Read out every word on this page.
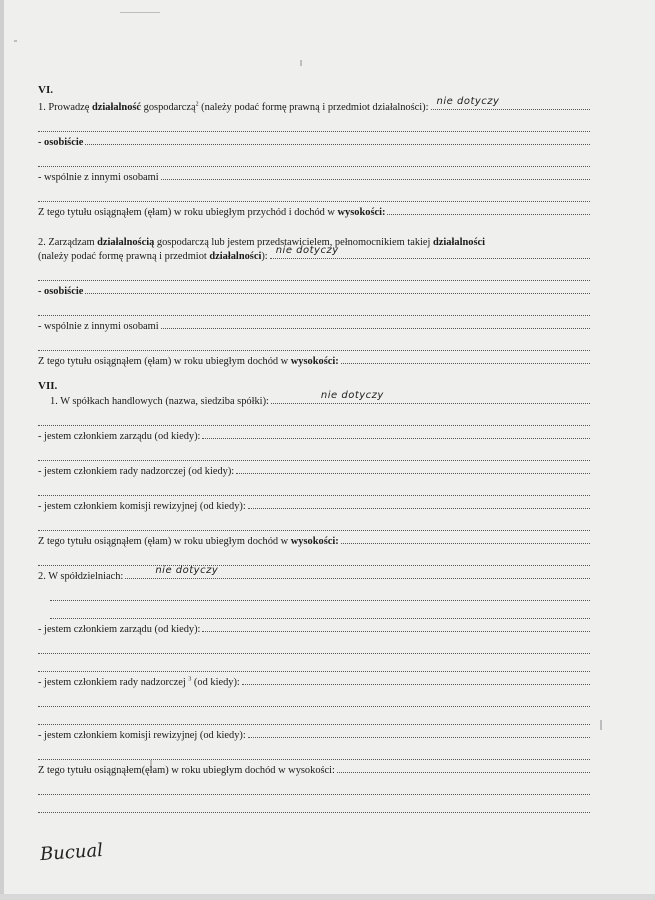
VI.

1. Prowadzę działalność gospodarczą$^2$ (należy podać formę prawną i przedmiot działalności):
nie dotyczy
- osobiście
- wspólnie z innymi osobami
Z tego tytułu osiągnąłem (ęłam) w roku ubiegłym przychód i dochód w wysokości:
2. Zarządzam działalnością gospodarczą lub jestem przedstawicielem, pełnomocnikiem takiej działalności
(należy podać formę prawną i przedmiot działalności):
nie dotyczy
- osobiście
- wspólnie z innymi osobami
Z tego tytułu osiągnąłem (ęłam) w roku ubiegłym dochód w wysokości:

VII.

1. W spółkach handlowych (nazwa, siedziba spółki):
nie dotyczy
- jestem członkiem zarządu (od kiedy):
- jestem członkiem rady nadzorczej (od kiedy):
- jestem członkiem komisji rewizyjnej (od kiedy):
Z tego tytułu osiągnąłem (ęłam) w roku ubiegłym dochód w wysokości:
2. W spółdzielniach:
nie dotyczy
- jestem członkiem zarządu (od kiedy):
- jestem członkiem rady nadzorczej $^3$ (od kiedy):
- jestem członkiem komisji rewizyjnej (od kiedy):
Z tego tytułu osiągnąłem(ęłam) w roku ubiegłym dochód w wysokości:
Bucual
